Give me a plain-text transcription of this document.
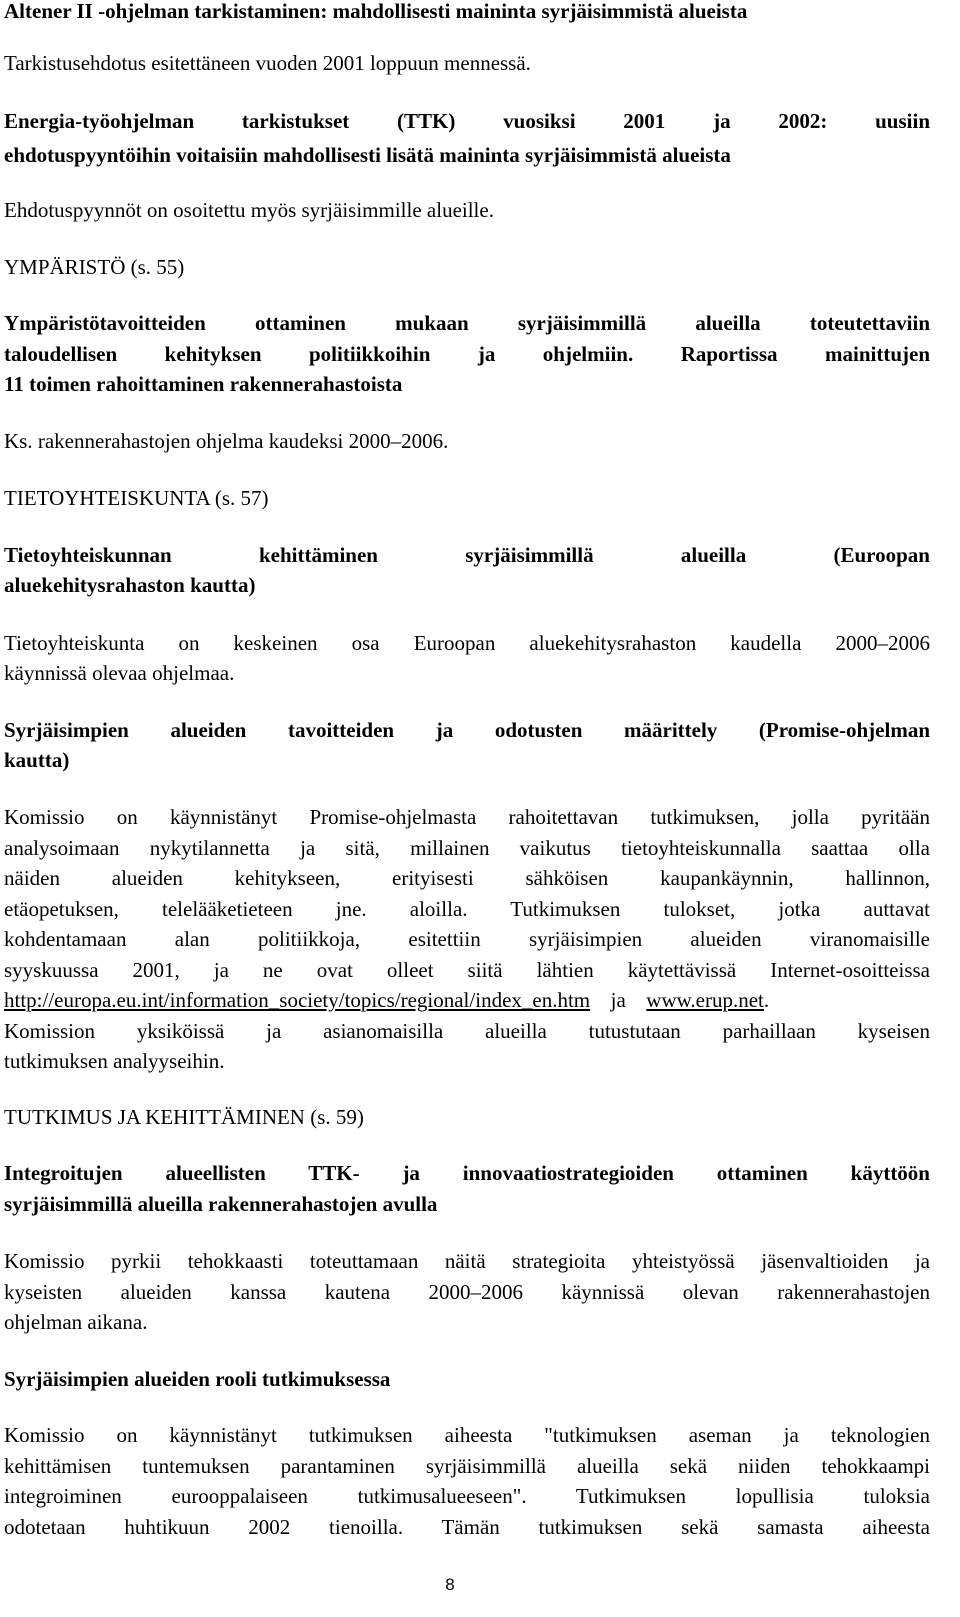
Altener II -ohjelman tarkistaminen: mahdollisesti maininta syrjäisimmistä alueista
Tarkistusehdotus esitettäneen vuoden 2001 loppuun mennessä.
Energia-työohjelman tarkistukset (TTK) vuosiksi 2001 ja 2002: uusiin
ehdotuspyyntöihin voitaisiin mahdollisesti lisätä maininta syrjäisimmistä alueista
Ehdotuspyynnöt on osoitettu myös syrjäisimmille alueille.
YMPÄRISTÖ (s. 55)
Ympäristötavoitteiden ottaminen mukaan syrjäisimmillä alueilla toteutettaviin
taloudellisen kehityksen politiikkoihin ja ohjelmiin. Raportissa mainittujen
11 toimen rahoittaminen rakennerahastoista
Ks. rakennerahastojen ohjelma kaudeksi 2000–2006.
TIETOYHTEISKUNTA (s. 57)
Tietoyhteiskunnan kehittäminen syrjäisimmillä alueilla (Euroopan
aluekehitysrahaston kautta)
Tietoyhteiskunta on keskeinen osa Euroopan aluekehitysrahaston kaudella 2000–2006
käynnissä olevaa ohjelmaa.
Syrjäisimpien alueiden tavoitteiden ja odotusten määrittely (Promise-ohjelman
kautta)
Komissio on käynnistänyt Promise-ohjelmasta rahoitettavan tutkimuksen, jolla pyritään
analysoimaan nykytilannetta ja sitä, millainen vaikutus tietoyhteiskunnalla saattaa olla
näiden alueiden kehitykseen, erityisesti sähköisen kaupankäynnin, hallinnon,
etäopetuksen, telelääketieteen jne. aloilla. Tutkimuksen tulokset, jotka auttavat
kohdentamaan alan politiikkoja, esitettiin syrjäisimpien alueiden viranomaisille
syyskuussa 2001, ja ne ovat olleet siitä lähtien käytettävissä Internet-osoitteissa
http://europa.eu.int/information_society/topics/regional/index_en.htm ja www.erup.net.
Komission yksiköissä ja asianomaisilla alueilla tutustutaan parhaillaan kyseisen
tutkimuksen analyyseihin.
TUTKIMUS JA KEHITTÄMINEN (s. 59)
Integroitujen alueellisten TTK- ja innovaatiostrategioiden ottaminen käyttöön
syrjäisimmillä alueilla rakennerahastojen avulla
Komissio pyrkii tehokkaasti toteuttamaan näitä strategioita yhteistyössä jäsenvaltioiden ja
kyseisten alueiden kanssa kautena 2000–2006 käynnissä olevan rakennerahastojen
ohjelman aikana.
Syrjäisimpien alueiden rooli tutkimuksessa
Komissio on käynnistänyt tutkimuksen aiheesta "tutkimuksen aseman ja teknologien
kehittämisen tuntemuksen parantaminen syrjäisimmillä alueilla sekä niiden tehokkaampi
integroiminen eurooppalaiseen tutkimusalueeseen". Tutkimuksen lopullisia tuloksia
odotetaan huhtikuun 2002 tienoilla. Tämän tutkimuksen sekä samasta aiheesta
8
